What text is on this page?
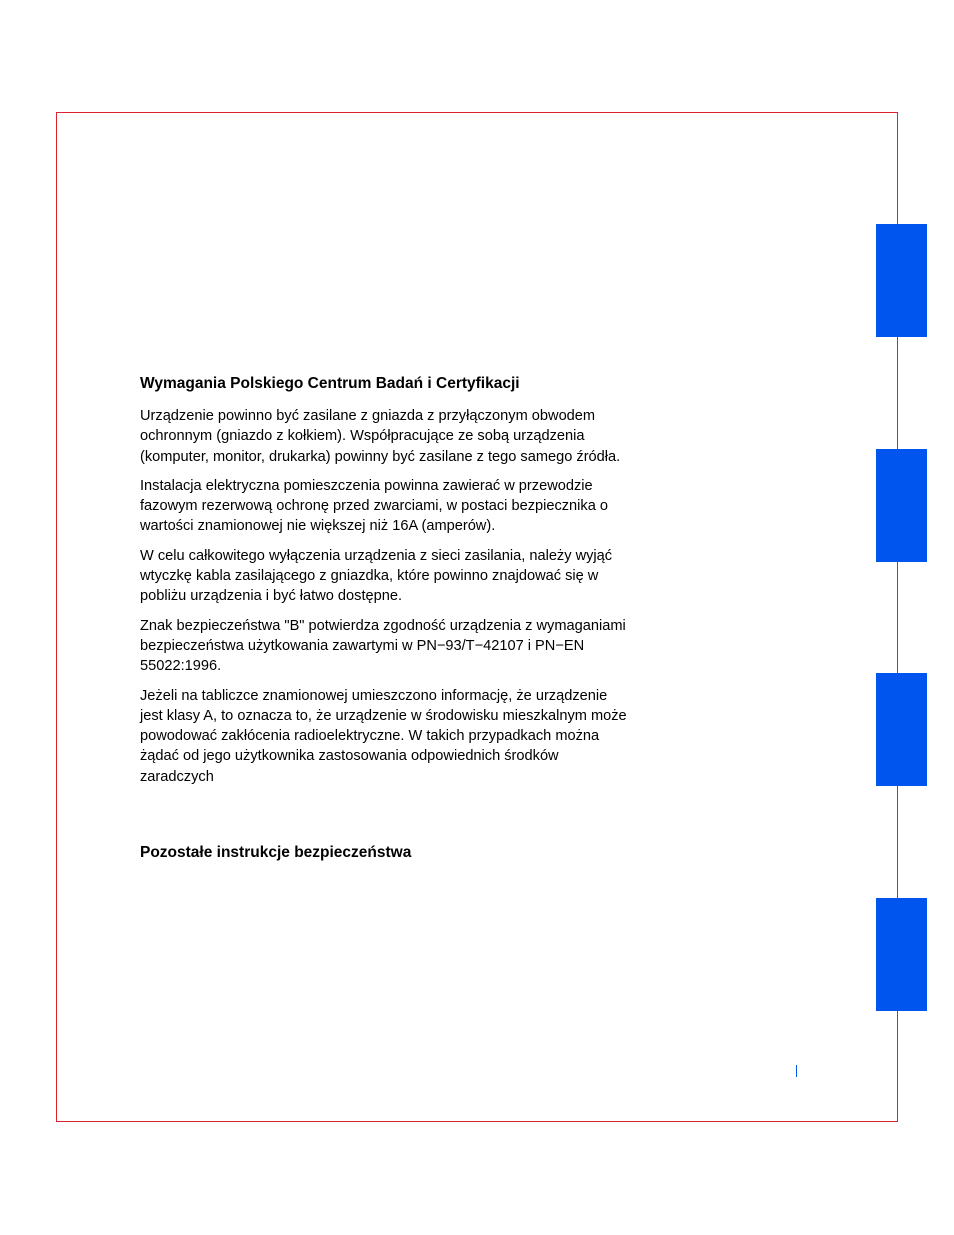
Wymagania Polskiego Centrum Badań i Certyfikacji

Urządzenie powinno być zasilane z gniazda z przyłączonym obwodem ochronnym (gniazdo z kołkiem). Współpracujące ze sobą urządzenia (komputer, monitor, drukarka) powinny być zasilane z tego samego źródła.

Instalacja elektryczna pomieszczenia powinna zawierać w przewodzie fazowym rezerwową ochronę przed zwarciami, w postaci bezpiecznika o wartości znamionowej nie większej niż 16A (amperów).

W celu całkowitego wyłączenia urządzenia z sieci zasilania, należy wyjąć wtyczkę kabla zasilającego z gniazdka, które powinno znajdować się w pobliżu urządzenia i być łatwo dostępne.

Znak bezpieczeństwa "B" potwierdza zgodność urządzenia z wymaganiami bezpieczeństwa użytkowania zawartymi w PN−93/T−42107 i PN−EN 55022:1996.

Jeżeli na tabliczce znamionowej umieszczono informację, że urządzenie jest klasy A, to oznacza to, że urządzenie w środowisku mieszkalnym może powodować zakłócenia radioelektryczne. W takich przypadkach można żądać od jego użytkownika zastosowania odpowiednich środków zaradczych

Pozostałe instrukcje bezpieczeństwa
